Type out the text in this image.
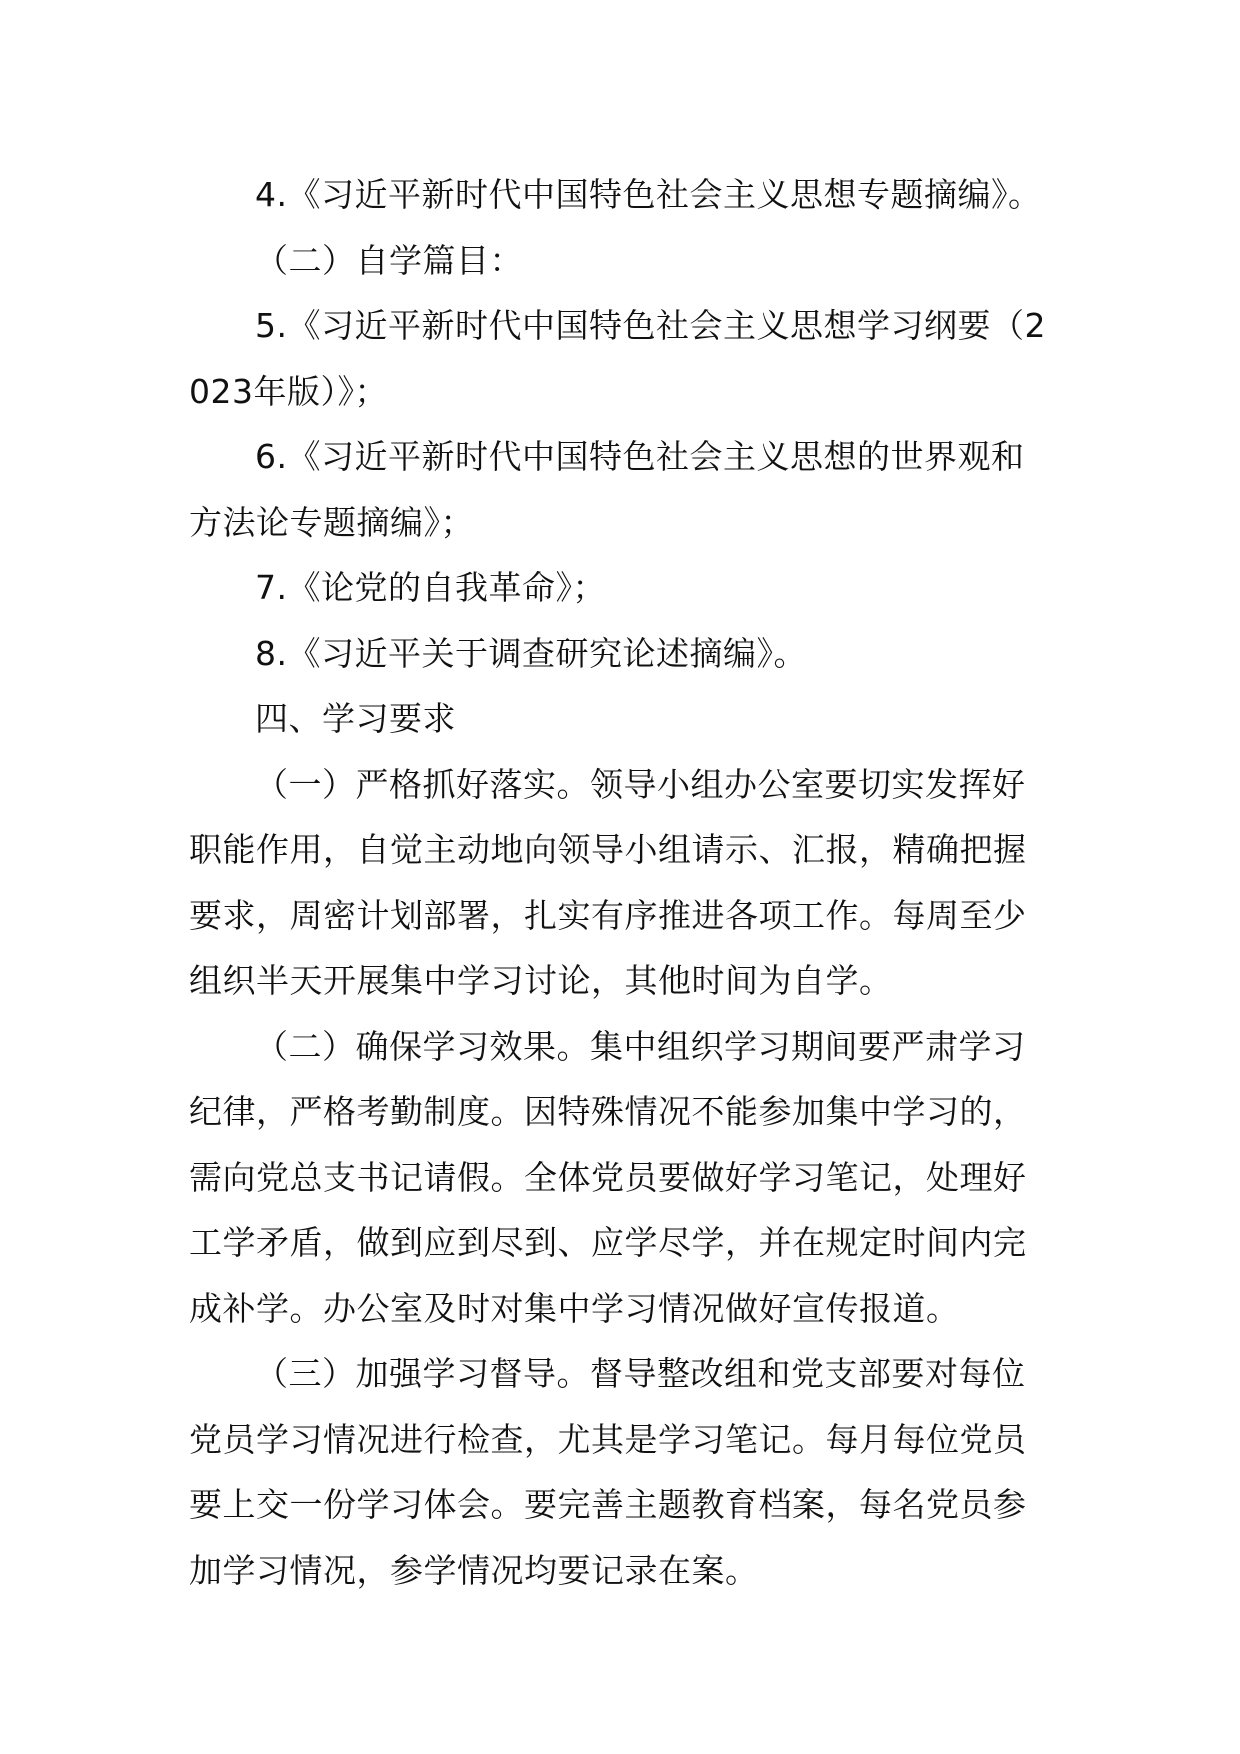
4.《习近平新时代中国特色社会主义思想专题摘编》。

（二）自学篇目：

5.《习近平新时代中国特色社会主义思想学习纲要（2023年版）》；

6.《习近平新时代中国特色社会主义思想的世界观和方法论专题摘编》；

7.《论党的自我革命》；

8.《习近平关于调查研究论述摘编》。

四、学习要求

（一）严格抓好落实。领导小组办公室要切实发挥好职能作用，自觉主动地向领导小组请示、汇报，精确把握要求，周密计划部署，扎实有序推进各项工作。每周至少组织半天开展集中学习讨论，其他时间为自学。

（二）确保学习效果。集中组织学习期间要严肃学习纪律，严格考勤制度。因特殊情况不能参加集中学习的，需向党总支书记请假。全体党员要做好学习笔记，处理好工学矛盾，做到应到尽到、应学尽学，并在规定时间内完成补学。办公室及时对集中学习情况做好宣传报道。

（三）加强学习督导。督导整改组和党支部要对每位党员学习情况进行检查，尤其是学习笔记。每月每位党员要上交一份学习体会。要完善主题教育档案，每名党员参加学习情况，参学情况均要记录在案。
